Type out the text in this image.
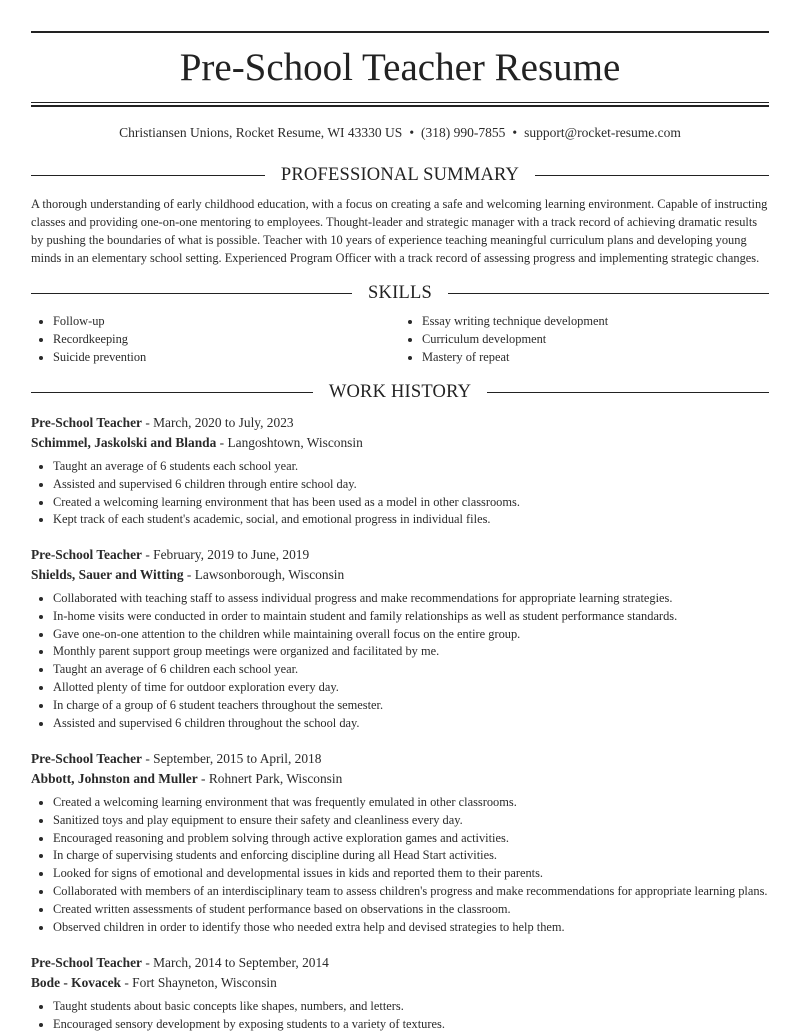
Pre-School Teacher Resume
Christiansen Unions, Rocket Resume, WI 43330 US • (318) 990-7855 • support@rocket-resume.com
PROFESSIONAL SUMMARY

A thorough understanding of early childhood education, with a focus on creating a safe and welcoming learning environment. Capable of instructing classes and providing one-on-one mentoring to employees. Thought-leader and strategic manager with a track record of achieving dramatic results by pushing the boundaries of what is possible. Teacher with 10 years of experience teaching meaningful curriculum plans and developing young minds in an elementary school setting. Experienced Program Officer with a track record of assessing progress and implementing strategic changes.

SKILLS
• Follow-up
• Recordkeeping
• Suicide prevention
• Essay writing technique development
• Curriculum development
• Mastery of repeat
WORK HISTORY
Pre-School Teacher - March, 2020 to July, 2023
Schimmel, Jaskolski and Blanda - Langoshtown, Wisconsin
• Taught an average of 6 students each school year.
• Assisted and supervised 6 children through entire school day.
• Created a welcoming learning environment that has been used as a model in other classrooms.
• Kept track of each student's academic, social, and emotional progress in individual files.
Pre-School Teacher - February, 2019 to June, 2019
Shields, Sauer and Witting - Lawsonborough, Wisconsin
• Collaborated with teaching staff to assess individual progress and make recommendations for appropriate learning strategies.
• In-home visits were conducted in order to maintain student and family relationships as well as student performance standards.
• Gave one-on-one attention to the children while maintaining overall focus on the entire group.
• Monthly parent support group meetings were organized and facilitated by me.
• Taught an average of 6 children each school year.
• Allotted plenty of time for outdoor exploration every day.
• In charge of a group of 6 student teachers throughout the semester.
• Assisted and supervised 6 children throughout the school day.
Pre-School Teacher - September, 2015 to April, 2018
Abbott, Johnston and Muller - Rohnert Park, Wisconsin
• Created a welcoming learning environment that was frequently emulated in other classrooms.
• Sanitized toys and play equipment to ensure their safety and cleanliness every day.
• Encouraged reasoning and problem solving through active exploration games and activities.
• In charge of supervising students and enforcing discipline during all Head Start activities.
• Looked for signs of emotional and developmental issues in kids and reported them to their parents.
• Collaborated with members of an interdisciplinary team to assess children's progress and make recommendations for appropriate learning plans.
• Created written assessments of student performance based on observations in the classroom.
• Observed children in order to identify those who needed extra help and devised strategies to help them.
Pre-School Teacher - March, 2014 to September, 2014
Bode - Kovacek - Fort Shayneton, Wisconsin
• Taught students about basic concepts like shapes, numbers, and letters.
• Encouraged sensory development by exposing students to a variety of textures.
